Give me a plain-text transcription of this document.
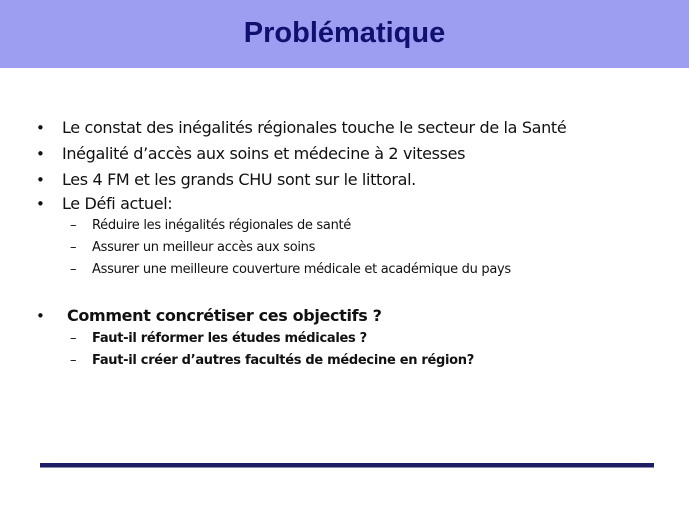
Problématique
• Le constat des inégalités régionales touche le secteur de la Santé
• Inégalité d’accès aux soins et médecine à 2 vitesses
• Les 4 FM et les grands CHU sont sur le littoral.
• Le Défi actuel:
– Réduire les inégalités régionales de santé
– Assurer un meilleur accès aux soins
– Assurer une meilleure couverture médicale et académique du pays
• Comment concrétiser ces objectifs ?
– Faut-il réformer les études médicales ?
– Faut-il créer d’autres facultés de médecine en région?
